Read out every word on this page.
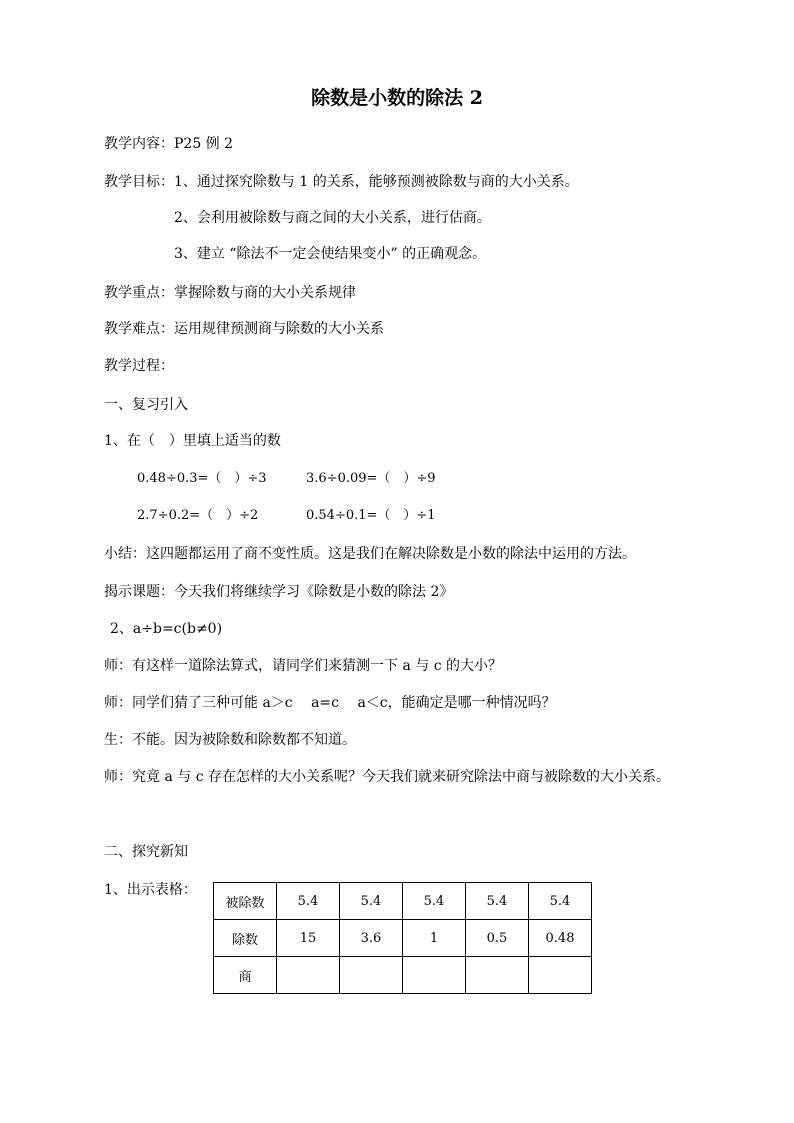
除数是小数的除法 2
教学内容：P25 例 2
教学目标：1、通过探究除数与 1 的关系，能够预测被除数与商的大小关系。
2、会利用被除数与商之间的大小关系，进行估商。
3、建立 “除法不一定会使结果变小” 的正确观念。
教学重点：掌握除数与商的大小关系规律
教学难点：运用规律预测商与除数的大小关系
教学过程：
一、复习引入
1、在（　）里填上适当的数
0.48÷0.3=（　）÷3	3.6÷0.09=（　）÷9
2.7÷0.2=（　）÷2	0.54÷0.1=（　）÷1
小结：这四题都运用了商不变性质。这是我们在解决除数是小数的除法中运用的方法。
揭示课题：今天我们将继续学习《除数是小数的除法 2》
2、a÷b=c(b≠0)
师：有这样一道除法算式，请同学们来猜测一下 a 与 c 的大小？
师：同学们猜了三种可能 a＞c　 a=c　 a＜c，能确定是哪一种情况吗？
生：不能。因为被除数和除数都不知道。
师：究竟 a 与 c 存在怎样的大小关系呢？今天我们就来研究除法中商与被除数的大小关系。
二、探究新知
1、出示表格：
被除数	5.4	5.4	5.4	5.4	5.4
除数	15	3.6	1	0.5	0.48
商					
